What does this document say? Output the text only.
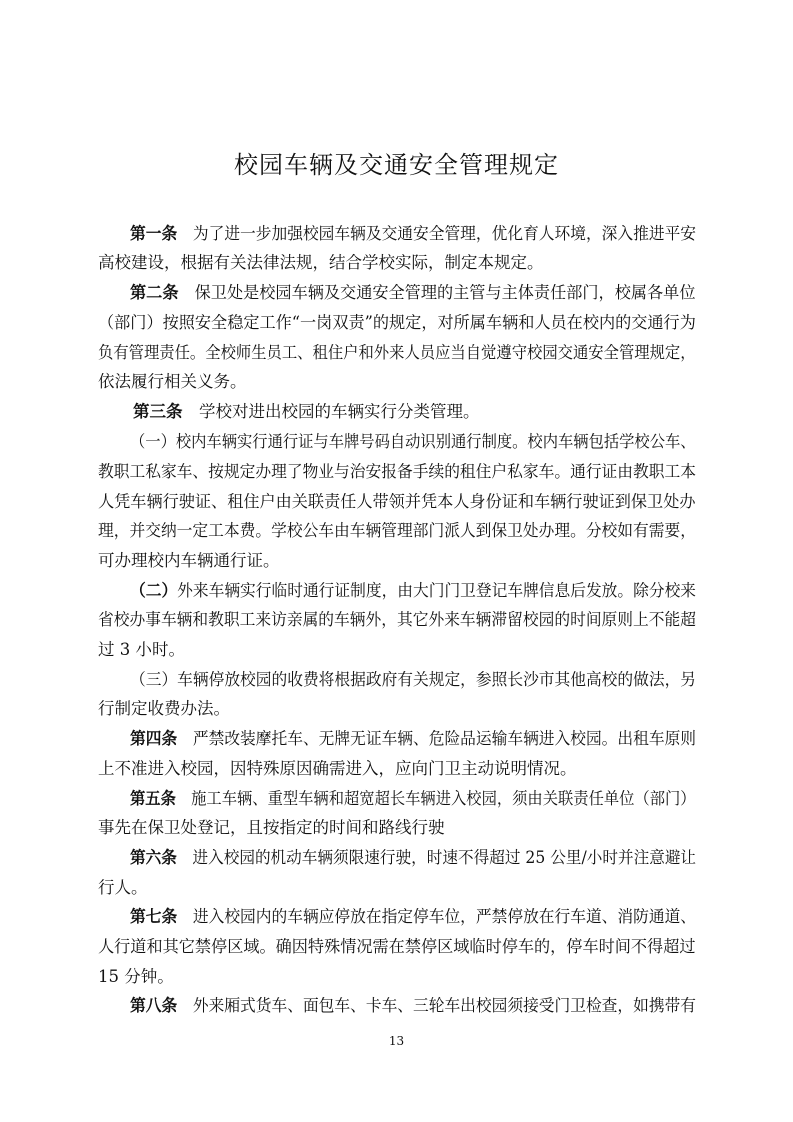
校园车辆及交通安全管理规定
第一条　为了进一步加强校园车辆及交通安全管理，优化育人环境，深入推进平安
高校建设，根据有关法律法规，结合学校实际，制定本规定。
第二条　保卫处是校园车辆及交通安全管理的主管与主体责任部门，校属各单位
（部门）按照安全稳定工作“一岗双责”的规定，对所属车辆和人员在校内的交通行为
负有管理责任。全校师生员工、租住户和外来人员应当自觉遵守校园交通安全管理规定，
依法履行相关义务。
第三条　学校对进出校园的车辆实行分类管理。
（一）校内车辆实行通行证与车牌号码自动识别通行制度。校内车辆包括学校公车、
教职工私家车、按规定办理了物业与治安报备手续的租住户私家车。通行证由教职工本
人凭车辆行驶证、租住户由关联责任人带领并凭本人身份证和车辆行驶证到保卫处办
理，并交纳一定工本费。学校公车由车辆管理部门派人到保卫处办理。分校如有需要，
可办理校内车辆通行证。
（二）外来车辆实行临时通行证制度，由大门门卫登记车牌信息后发放。除分校来
省校办事车辆和教职工来访亲属的车辆外，其它外来车辆滞留校园的时间原则上不能超
过 3 小时。
（三）车辆停放校园的收费将根据政府有关规定，参照长沙市其他高校的做法，另
行制定收费办法。
第四条　严禁改装摩托车、无牌无证车辆、危险品运输车辆进入校园。出租车原则
上不准进入校园，因特殊原因确需进入，应向门卫主动说明情况。
第五条　施工车辆、重型车辆和超宽超长车辆进入校园，须由关联责任单位（部门）
事先在保卫处登记，且按指定的时间和路线行驶
第六条　进入校园的机动车辆须限速行驶，时速不得超过 25 公里/小时并注意避让
行人。
第七条　进入校园内的车辆应停放在指定停车位，严禁停放在行车道、消防通道、
人行道和其它禁停区域。确因特殊情况需在禁停区域临时停车的，停车时间不得超过
15 分钟。
第八条　外来厢式货车、面包车、卡车、三轮车出校园须接受门卫检查，如携带有
13
